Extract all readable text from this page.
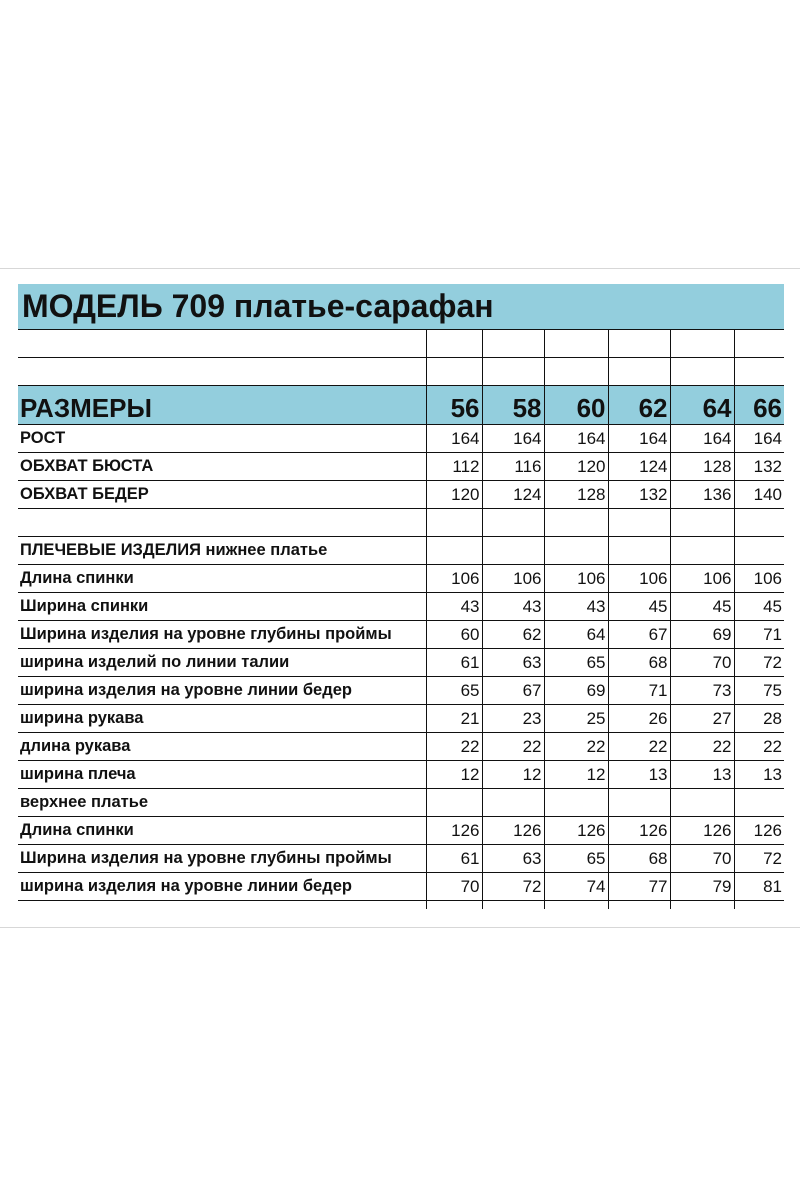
МОДЕЛЬ 709 платье-сарафан						

РАЗМЕРЫ	56	58	60	62	64	66
РОСТ	164	164	164	164	164	164
ОБХВАТ БЮСТА	112	116	120	124	128	132
ОБХВАТ БЕДЕР	120	124	128	132	136	140

ПЛЕЧЕВЫЕ ИЗДЕЛИЯ нижнее платье						
Длина спинки	106	106	106	106	106	106
Ширина спинки	43	43	43	45	45	45
Ширина изделия на уровне глубины проймы	60	62	64	67	69	71
ширина изделий по линии талии	61	63	65	68	70	72
ширина изделия на уровне линии бедер	65	67	69	71	73	75
ширина рукава	21	23	25	26	27	28
длина рукава	22	22	22	22	22	22
ширина плеча	12	12	12	13	13	13
верхнее платье						
Длина спинки	126	126	126	126	126	126
Ширина изделия на уровне глубины проймы	61	63	65	68	70	72
ширина изделия на уровне линии бедер	70	72	74	77	79	81
